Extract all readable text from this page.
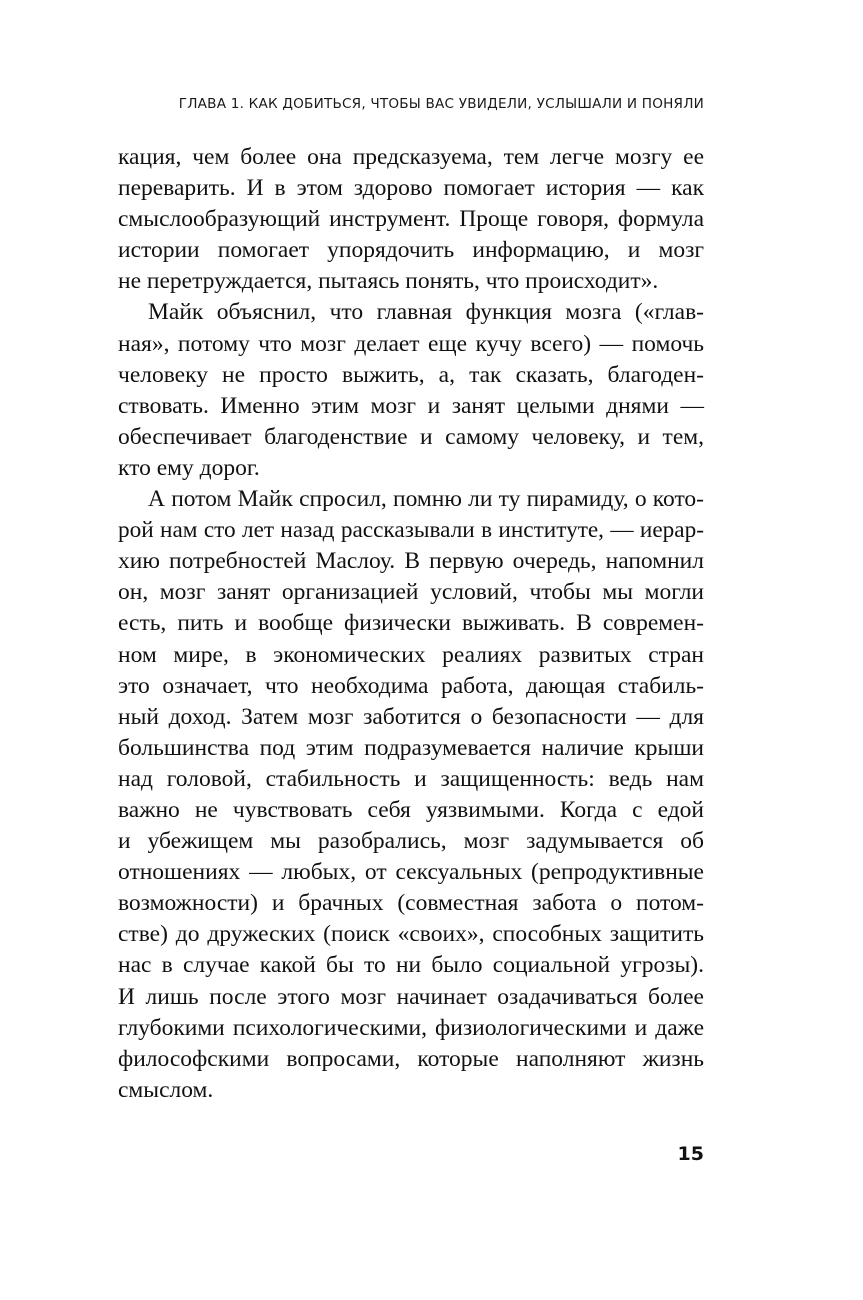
ГЛАВА 1. КАК ДОБИТЬСЯ, ЧТОБЫ ВАС УВИДЕЛИ, УСЛЫШАЛИ И ПОНЯЛИ
кация, чем более она предсказуема, тем легче мозгу ее
переварить. И в этом здорово помогает история — как
смыслообразующий инструмент. Проще говоря, формула
истории помогает упорядочить информацию, и мозг
не перетруждается, пытаясь понять, что происходит».
Майк объяснил, что главная функция мозга («глав-
ная», потому что мозг делает еще кучу всего) — помочь
человеку не просто выжить, а, так сказать, благоден-
ствовать. Именно этим мозг и занят целыми днями —
обеспечивает благоденствие и самому человеку, и тем,
кто ему дорог.
А потом Майк спросил, помню ли ту пирамиду, о кото-
рой нам сто лет назад рассказывали в институте, — иерар-
хию потребностей Маслоу. В первую очередь, напомнил
он, мозг занят организацией условий, чтобы мы могли
есть, пить и вообще физически выживать. В современ-
ном мире, в экономических реалиях развитых стран
это означает, что необходима работа, дающая стабиль-
ный доход. Затем мозг заботится о безопасности — для
большинства под этим подразумевается наличие крыши
над головой, стабильность и защищенность: ведь нам
важно не чувствовать себя уязвимыми. Когда с едой
и убежищем мы разобрались, мозг задумывается об
отношениях — любых, от сексуальных (репродуктивные
возможности) и брачных (совместная забота о потом-
стве) до дружеских (поиск «своих», способных защитить
нас в случае какой бы то ни было социальной угрозы).
И лишь после этого мозг начинает озадачиваться более
глубокими психологическими, физиологическими и даже
философскими вопросами, которые наполняют жизнь
смыслом.
15
